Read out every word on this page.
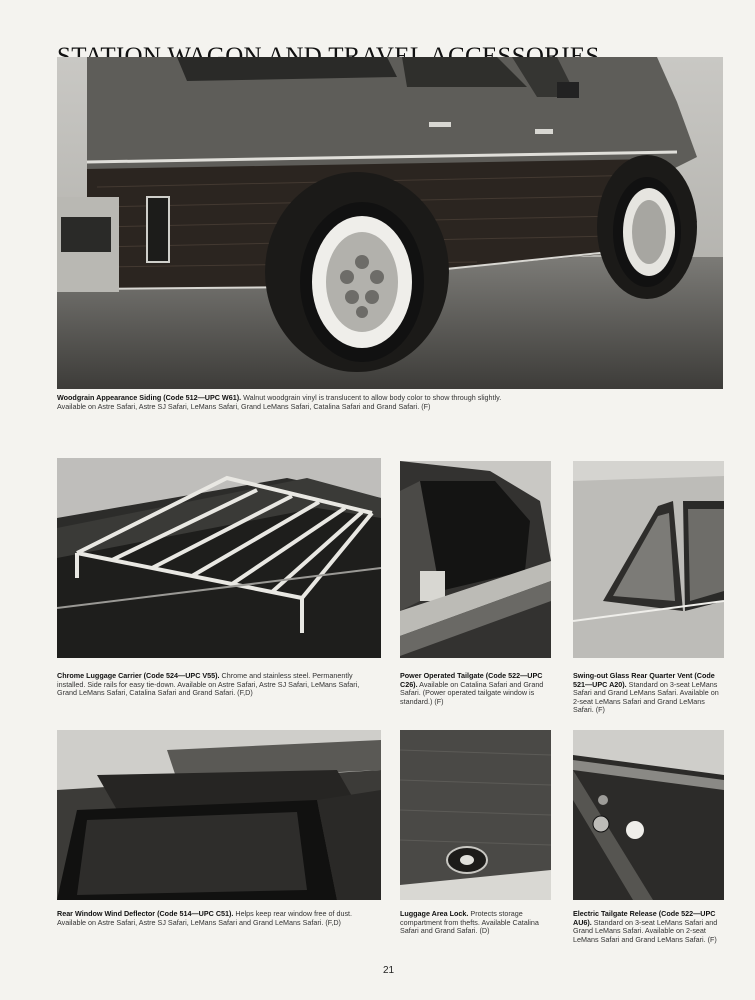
Woodgrain Appearance Siding (Code 512—UPC W61). Walnut woodgrain vinyl is translucent to allow body color to show through slightly. Available on Astre Safari, Astre SJ Safari, LeMans Safari, Grand LeMans Safari, Catalina Safari and Grand Safari. (F)
Chrome Luggage Carrier (Code 524—UPC V55). Chrome and stainless steel. Permanently installed. Side rails for easy tie-down. Available on Astre Safari, Astre SJ Safari, LeMans Safari, Grand LeMans Safari, Catalina Safari and Grand Safari. (F,D)
Power Operated Tailgate (Code 522—UPC C26). Available on Catalina Safari and Grand Safari. (Power operated tailgate window is standard.) (F)
Swing-out Glass Rear Quarter Vent (Code 521—UPC A20). Standard on 3-seat LeMans Safari and Grand LeMans Safari. Available on 2-seat LeMans Safari and Grand LeMans Safari. (F)
Rear Window Wind Deflector (Code 514—UPC C51). Helps keep rear window free of dust. Available on Astre Safari, Astre SJ Safari, LeMans Safari and Grand LeMans Safari. (F,D)
Luggage Area Lock. Protects storage compartment from thefts. Available Catalina Safari and Grand Safari. (D)
Electric Tailgate Release (Code 522—UPC AU6). Standard on 3-seat LeMans Safari and Grand LeMans Safari. Available on 2-seat LeMans Safari and Grand LeMans Safari. (F)
21
